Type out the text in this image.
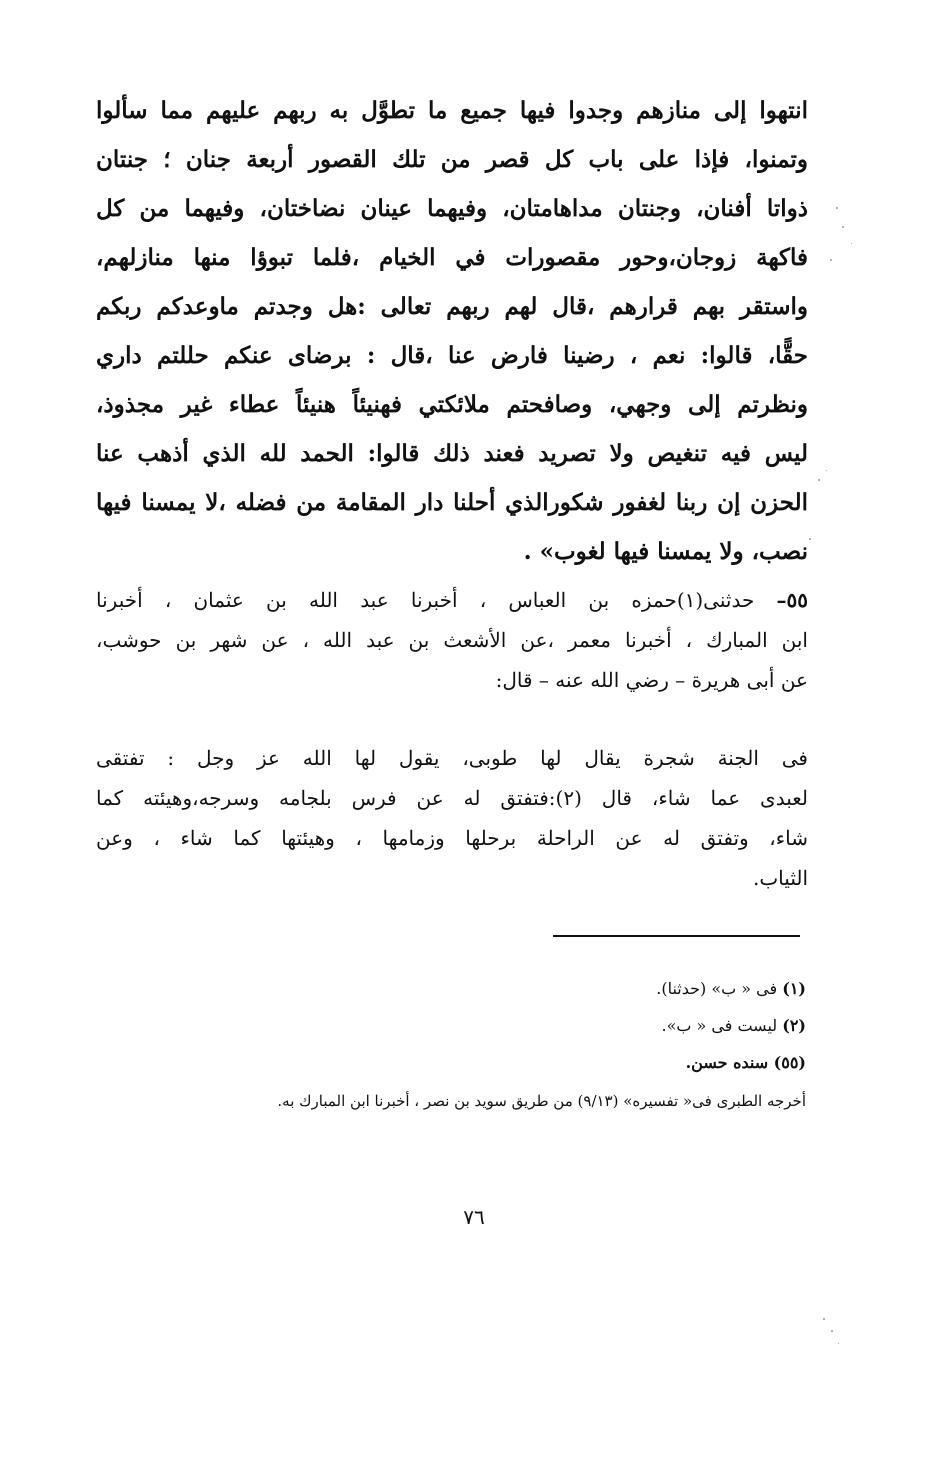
انتهوا إلى منازهم وجدوا فيها جميع ما تطوَّل به ربهم عليهم مما سألوا
وتمنوا، فإذا على باب كل قصر من تلك القصور أربعة جنان ؛ جنتان
ذواتا أفنان، وجنتان مداهامتان، وفيهما عينان نضاختان، وفيهما من كل
فاكهة زوجان،وحور مقصورات في الخيام ،فلما تبوؤا منها منازلهم،
واستقر بهم قرارهم ،قال لهم ربهم تعالى :هل وجدتم ماوعدكم ربكم
حقًّا، قالوا: نعم ، رضينا فارض عنا ،قال : برضاى عنكم حللتم داري
ونظرتم إلى وجهي، وصافحتم ملائكتي فهنيئاً هنيئاً عطاء غير مجذوذ،
ليس فيه تنغيص ولا تصريد فعند ذلك قالوا: الحمد لله الذي أذهب عنا
الحزن إن ربنا لغفور شكورالذي أحلنا دار المقامة من فضله ،لا يمسنا فيها
نصب، ولا يمسنا فيها لغوب» .
٥٥– حدثنى(١)حمزه بن العباس ، أخبرنا عبد الله بن عثمان ، أخبرنا
ابن المبارك ، أخبرنا معمر ،عن الأشعث بن عبد الله ، عن شهر بن حوشب،
عن أبى هريرة – رضي الله عنه – قال:
فى الجنة شجرة يقال لها طوبى، يقول لها الله عز وجل : تفتقى
لعبدى عما شاء، قال (٢):فتفتق له عن فرس بلجامه وسرجه،وهيئته كما
شاء، وتفتق له عن الراحلة برحلها وزمامها ، وهيئتها كما شاء ، وعن
الثياب.
(١) فى « ب» (حدثنا).
(٢) ليست فى « ب».
(٥٥) سنده حسن.
أخرجه الطبرى فى« تفسيره» (٩/١٣) من طريق سويد بن نصر ، أخبرنا ابن المبارك به.
٧٦
